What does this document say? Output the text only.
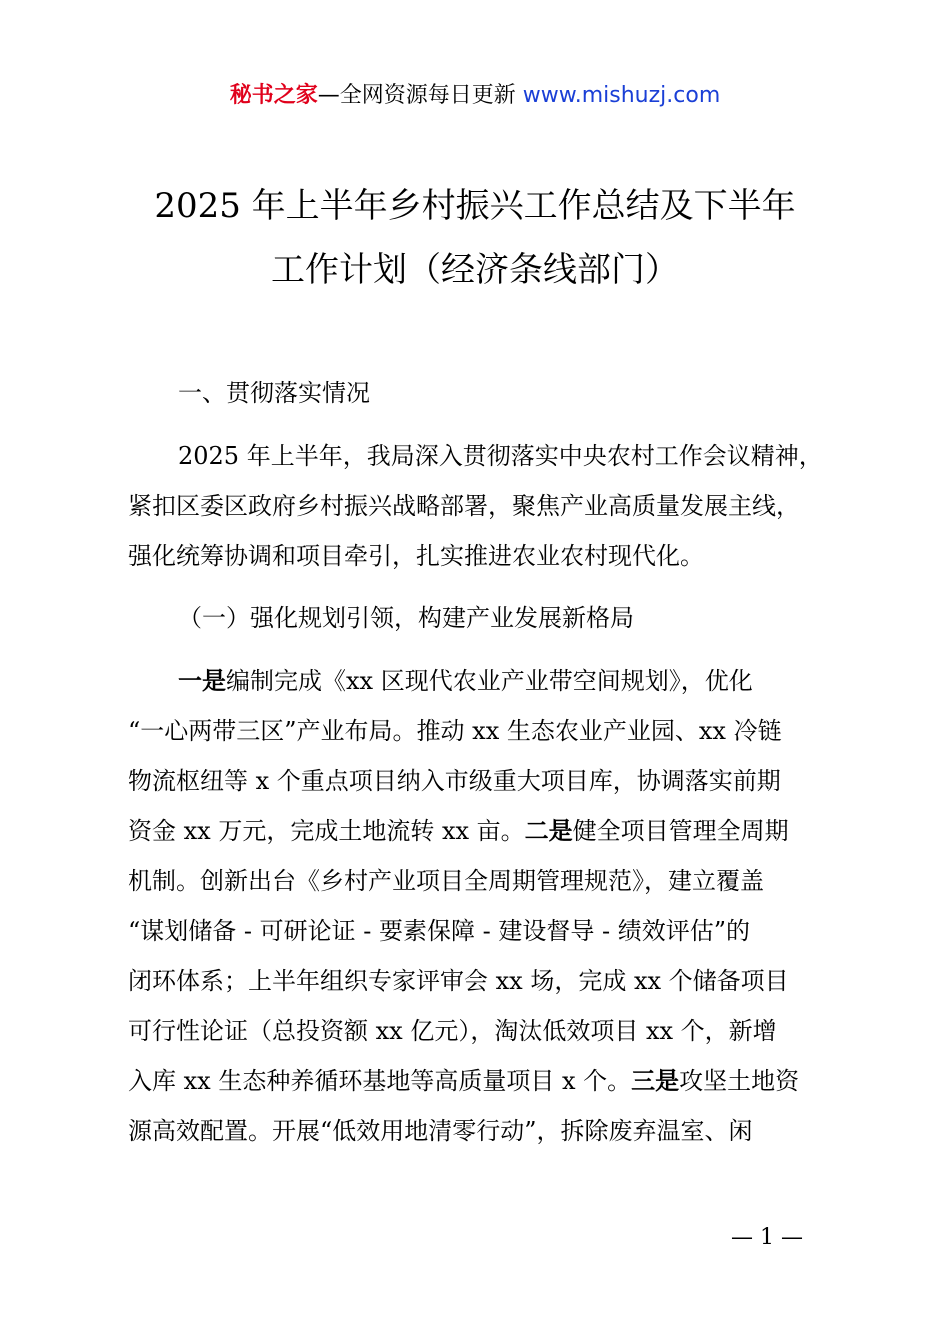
秘书之家—全网资源每日更新 www.mishuzj.com
2025 年上半年乡村振兴工作总结及下半年
工作计划（经济条线部门）
一、贯彻落实情况
2025 年上半年，我局深入贯彻落实中央农村工作会议精神，
紧扣区委区政府乡村振兴战略部署，聚焦产业高质量发展主线，
强化统筹协调和项目牵引，扎实推进农业农村现代化。
（一）强化规划引领，构建产业发展新格局
一是编制完成《xx 区现代农业产业带空间规划》，优化
“一心两带三区”产业布局。推动 xx 生态农业产业园、xx 冷链
物流枢纽等 x 个重点项目纳入市级重大项目库，协调落实前期
资金 xx 万元，完成土地流转 xx 亩。二是健全项目管理全周期
机制。创新出台《乡村产业项目全周期管理规范》，建立覆盖
“谋划储备 - 可研论证 - 要素保障 - 建设督导 - 绩效评估”的
闭环体系；上半年组织专家评审会 xx 场，完成 xx 个储备项目
可行性论证（总投资额 xx 亿元），淘汰低效项目 xx 个，新增
入库 xx 生态种养循环基地等高质量项目 x 个。三是攻坚土地资
源高效配置。开展“低效用地清零行动”，拆除废弃温室、闲
— 1 —
